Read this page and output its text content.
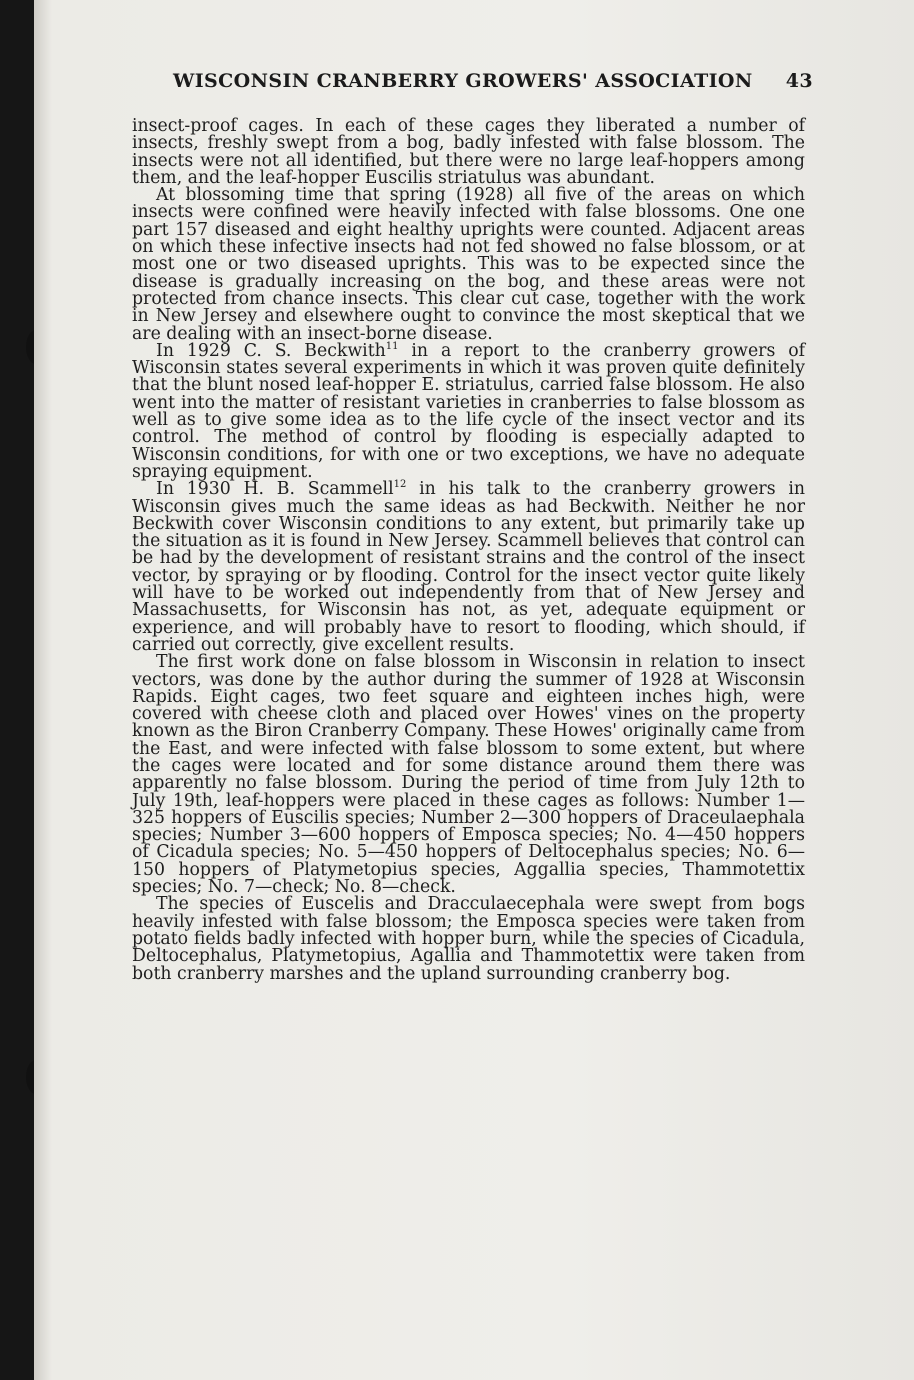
WISCONSIN CRANBERRY GROWERS' ASSOCIATION 43

insect-proof cages. In each of these cages they liberated a number of insects, freshly swept from a bog, badly infested with false blossom. The insects were not all identified, but there were no large leaf-hoppers among them, and the leaf-hopper Euscilis striatulus was abundant.

At blossoming time that spring (1928) all five of the areas on which insects were confined were heavily infected with false blossoms. One one part 157 diseased and eight healthy uprights were counted. Adjacent areas on which these infective insects had not fed showed no false blossom, or at most one or two diseased uprights. This was to be expected since the disease is gradually increasing on the bog, and these areas were not protected from chance insects. This clear cut case, together with the work in New Jersey and elsewhere ought to convince the most skeptical that we are dealing with an insect-borne disease.

In 1929 C. S. Beckwith$^{11}$ in a report to the cranberry growers of Wisconsin states several experiments in which it was proven quite definitely that the blunt nosed leaf-hopper E. striatulus, carried false blossom. He also went into the matter of resistant varieties in cranberries to false blossom as well as to give some idea as to the life cycle of the insect vector and its control. The method of control by flooding is especially adapted to Wisconsin conditions, for with one or two exceptions, we have no adequate spraying equipment.

In 1930 H. B. Scammell$^{12}$ in his talk to the cranberry growers in Wisconsin gives much the same ideas as had Beckwith. Neither he nor Beckwith cover Wisconsin conditions to any extent, but primarily take up the situation as it is found in New Jersey. Scammell believes that control can be had by the development of resistant strains and the control of the insect vector, by spraying or by flooding. Control for the insect vector quite likely will have to be worked out independently from that of New Jersey and Massachusetts, for Wisconsin has not, as yet, adequate equipment or experience, and will probably have to resort to flooding, which should, if carried out correctly, give excellent results.

The first work done on false blossom in Wisconsin in relation to insect vectors, was done by the author during the summer of 1928 at Wisconsin Rapids. Eight cages, two feet square and eighteen inches high, were covered with cheese cloth and placed over Howes' vines on the property known as the Biron Cranberry Company. These Howes' originally came from the East, and were infected with false blossom to some extent, but where the cages were located and for some distance around them there was apparently no false blossom. During the period of time from July 12th to July 19th, leaf-hoppers were placed in these cages as follows: Number 1—325 hoppers of Euscilis species; Number 2—300 hoppers of Draceulaephala species; Number 3—600 hoppers of Emposca species; No. 4—450 hoppers of Cicadula species; No. 5—450 hoppers of Deltocephalus species; No. 6—150 hoppers of Platymetopius species, Aggallia species, Thammotettix species; No. 7—check; No. 8—check.

The species of Euscelis and Dracculaecephala were swept from bogs heavily infested with false blossom; the Emposca species were taken from potato fields badly infected with hopper burn, while the species of Cicadula, Deltocephalus, Platymetopius, Agallia and Thammotettix were taken from both cranberry marshes and the upland surrounding cranberry bog.
